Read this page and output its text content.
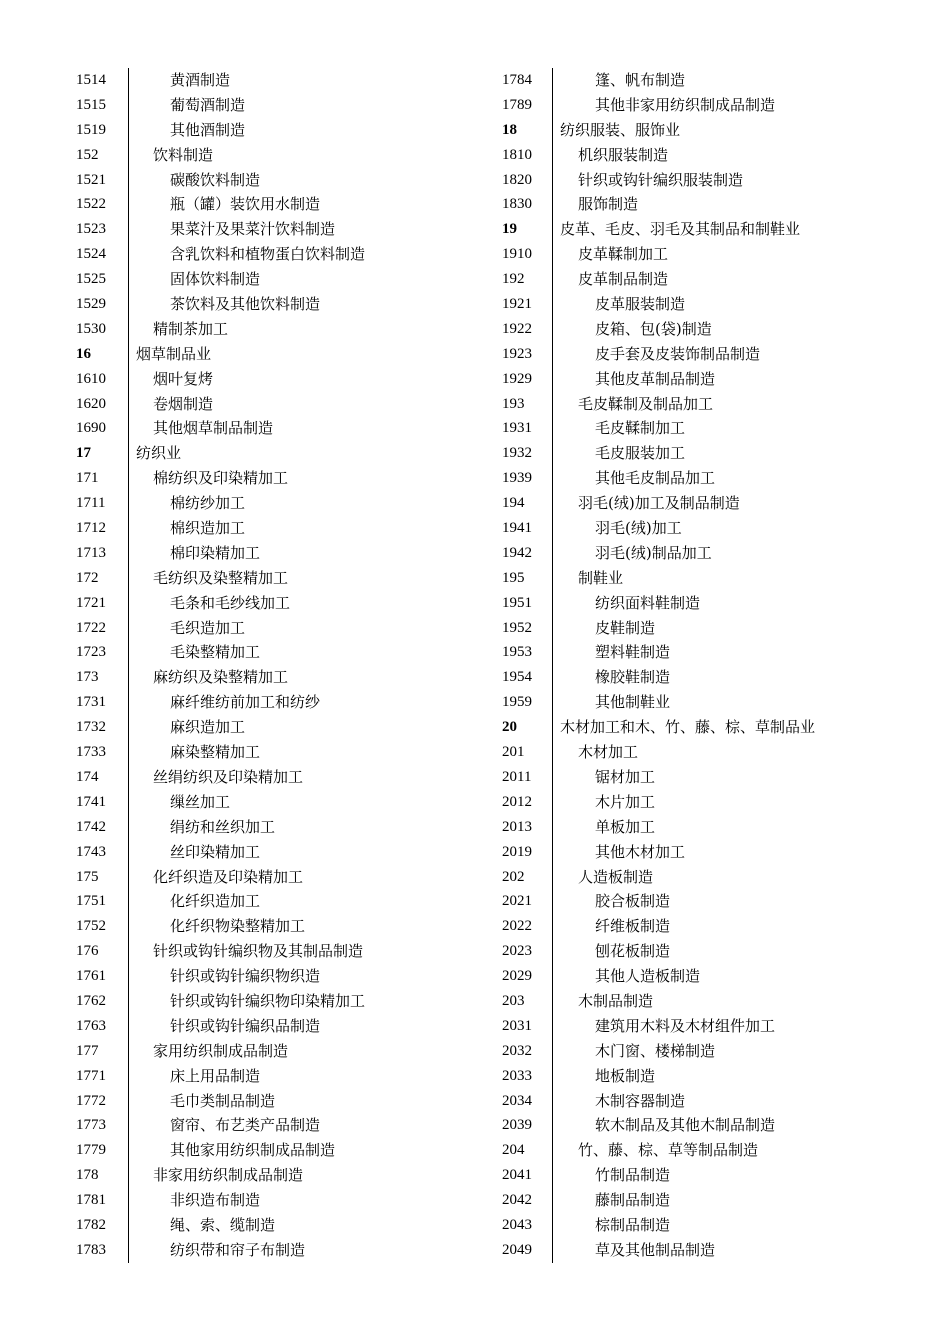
1514	黄酒制造
1515	葡萄酒制造
1519	其他酒制造
152	饮料制造
1521	碳酸饮料制造
1522	瓶（罐）装饮用水制造
1523	果菜汁及果菜汁饮料制造
1524	含乳饮料和植物蛋白饮料制造
1525	固体饮料制造
1529	茶饮料及其他饮料制造
1530	精制茶加工
16	烟草制品业
1610	烟叶复烤
1620	卷烟制造
1690	其他烟草制品制造
17	纺织业
171	棉纺织及印染精加工
1711	棉纺纱加工
1712	棉织造加工
1713	棉印染精加工
172	毛纺织及染整精加工
1721	毛条和毛纱线加工
1722	毛织造加工
1723	毛染整精加工
173	麻纺织及染整精加工
1731	麻纤维纺前加工和纺纱
1732	麻织造加工
1733	麻染整精加工
174	丝绢纺织及印染精加工
1741	缫丝加工
1742	绢纺和丝织加工
1743	丝印染精加工
175	化纤织造及印染精加工
1751	化纤织造加工
1752	化纤织物染整精加工
176	针织或钩针编织物及其制品制造
1761	针织或钩针编织物织造
1762	针织或钩针编织物印染精加工
1763	针织或钩针编织品制造
177	家用纺织制成品制造
1771	床上用品制造
1772	毛巾类制品制造
1773	窗帘、布艺类产品制造
1779	其他家用纺织制成品制造
178	非家用纺织制成品制造
1781	非织造布制造
1782	绳、索、缆制造
1783	纺织带和帘子布制造
1784	篷、帆布制造
1789	其他非家用纺织制成品制造
18	纺织服装、服饰业
1810	机织服装制造
1820	针织或钩针编织服装制造
1830	服饰制造
19	皮革、毛皮、羽毛及其制品和制鞋业
1910	皮革鞣制加工
192	皮革制品制造
1921	皮革服装制造
1922	皮箱、包(袋)制造
1923	皮手套及皮装饰制品制造
1929	其他皮革制品制造
193	毛皮鞣制及制品加工
1931	毛皮鞣制加工
1932	毛皮服装加工
1939	其他毛皮制品加工
194	羽毛(绒)加工及制品制造
1941	羽毛(绒)加工
1942	羽毛(绒)制品加工
195	制鞋业
1951	纺织面料鞋制造
1952	皮鞋制造
1953	塑料鞋制造
1954	橡胶鞋制造
1959	其他制鞋业
20	木材加工和木、竹、藤、棕、草制品业
201	木材加工
2011	锯材加工
2012	木片加工
2013	单板加工
2019	其他木材加工
202	人造板制造
2021	胶合板制造
2022	纤维板制造
2023	刨花板制造
2029	其他人造板制造
203	木制品制造
2031	建筑用木料及木材组件加工
2032	木门窗、楼梯制造
2033	地板制造
2034	木制容器制造
2039	软木制品及其他木制品制造
204	竹、藤、棕、草等制品制造
2041	竹制品制造
2042	藤制品制造
2043	棕制品制造
2049	草及其他制品制造
